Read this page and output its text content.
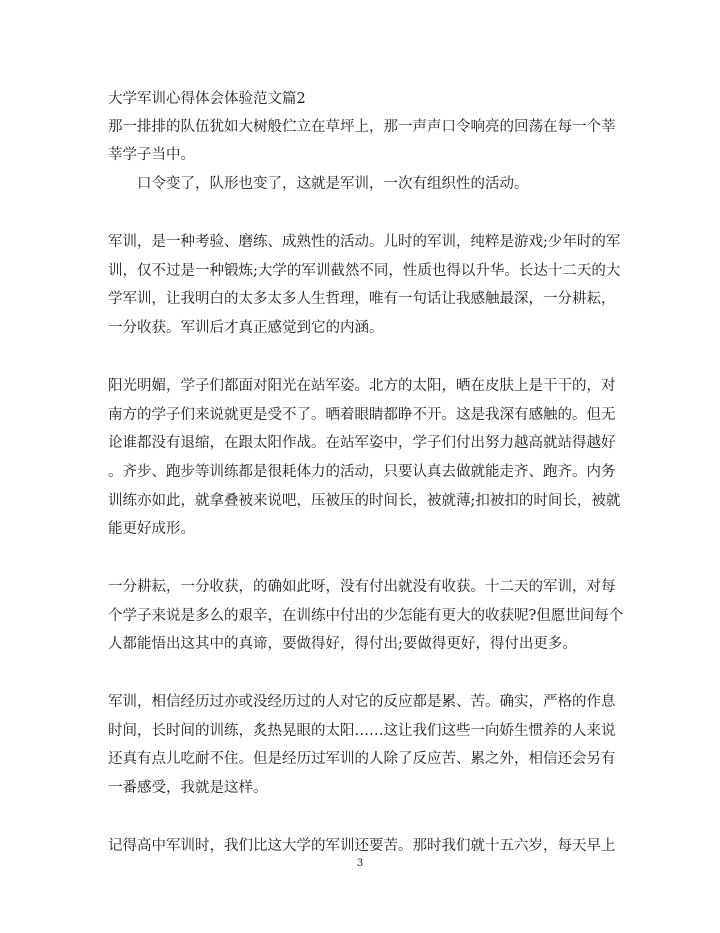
大学军训心得体会体验范文篇2
那一排排的队伍犹如大树般伫立在草坪上，那一声声口令响亮的回荡在每一个莘
莘学子当中。
口令变了，队形也变了，这就是军训，一次有组织性的活动。
军训，是一种考验、磨练、成熟性的活动。儿时的军训，纯粹是游戏;少年时的军
训，仅不过是一种锻炼;大学的军训截然不同，性质也得以升华。长达十二天的大
学军训，让我明白的太多太多人生哲理，唯有一句话让我感触最深，一分耕耘，
一分收获。军训后才真正感觉到它的内涵。
阳光明媚，学子们都面对阳光在站军姿。北方的太阳，晒在皮肤上是干干的，对
南方的学子们来说就更是受不了。晒着眼睛都睁不开。这是我深有感触的。但无
论谁都没有退缩，在跟太阳作战。在站军姿中，学子们付出努力越高就站得越好
。齐步、跑步等训练都是很耗体力的活动，只要认真去做就能走齐、跑齐。内务
训练亦如此，就拿叠被来说吧，压被压的时间长，被就薄;扣被扣的时间长，被就
能更好成形。
一分耕耘，一分收获，的确如此呀，没有付出就没有收获。十二天的军训，对每
个学子来说是多么的艰辛，在训练中付出的少怎能有更大的收获呢?但愿世间每个
人都能悟出这其中的真谛，要做得好，得付出;要做得更好，得付出更多。
军训，相信经历过亦或没经历过的人对它的反应都是累、苦。确实，严格的作息
时间，长时间的训练，炙热晃眼的太阳……这让我们这些一向娇生惯养的人来说
还真有点儿吃耐不住。但是经历过军训的人除了反应苦、累之外，相信还会另有
一番感受，我就是这样。
记得高中军训时，我们比这大学的军训还要苦。那时我们就十五六岁，每天早上
3
